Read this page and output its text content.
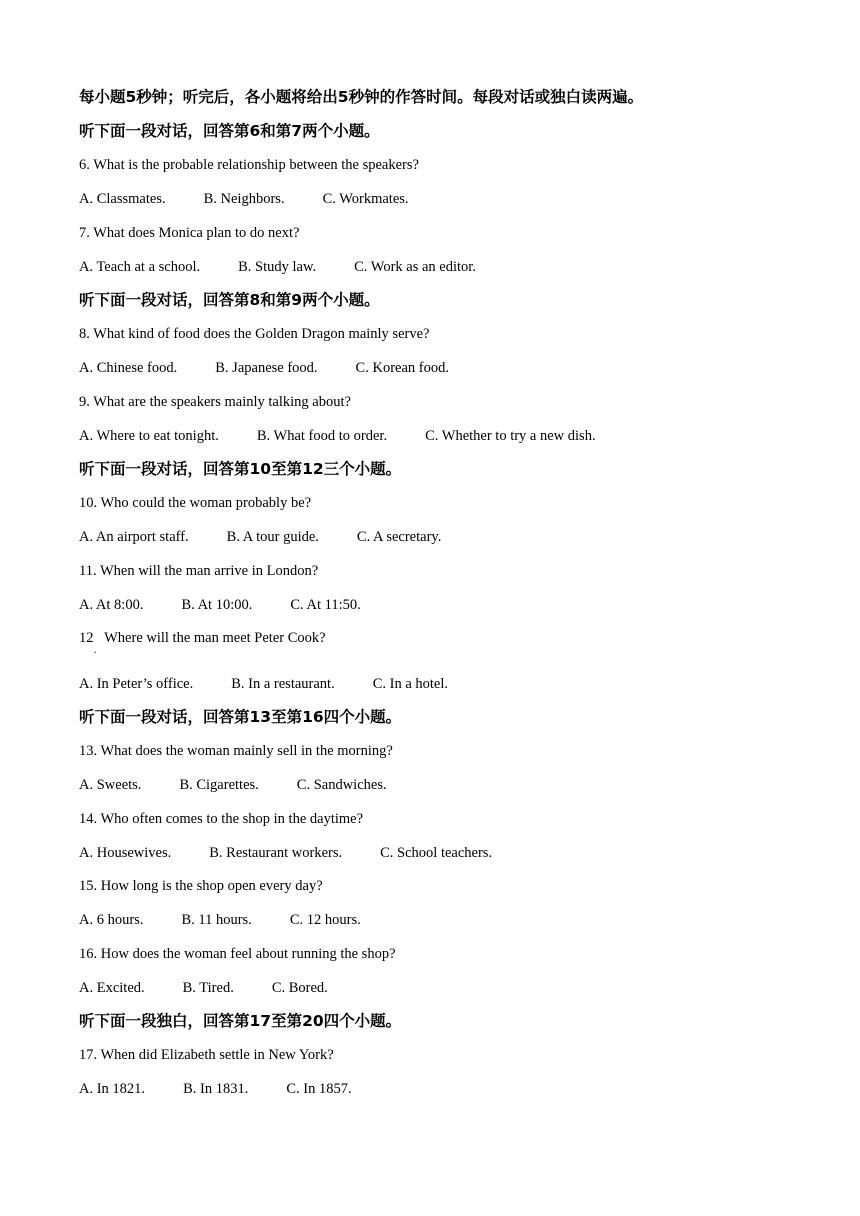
每小题5秒钟；听完后，各小题将给出5秒钟的作答时间。每段对话或独白读两遍。
听下面一段对话，回答第6和第7两个小题。
6. What is the probable relationship between the speakers?
A. Classmates.	B. Neighbors.	C. Workmates.
7. What does Monica plan to do next?
A. Teach at a school.	B. Study law.	C. Work as an editor.
听下面一段对话，回答第8和第9两个小题。
8. What kind of food does the Golden Dragon mainly serve?
A. Chinese food.	B. Japanese food.	C. Korean food.
9. What are the speakers mainly talking about?
A. Where to eat tonight.	B. What food to order.	C. Whether to try a new dish.
听下面一段对话，回答第10至第12三个小题。
10. Who could the woman probably be?
A. An airport staff.	B. A tour guide.	C. A secretary.
11. When will the man arrive in London?
A. At 8:00.	B. At 10:00.	C. At 11:50.
12   Where will the man meet Peter Cook?
.
A. In Peter’s office.	B. In a restaurant.	C. In a hotel.
听下面一段对话，回答第13至第16四个小题。
13. What does the woman mainly sell in the morning?
A. Sweets.	B. Cigarettes.	C. Sandwiches.
14. Who often comes to the shop in the daytime?
A. Housewives.	B. Restaurant workers.	C. School teachers.
15. How long is the shop open every day?
A. 6 hours.	B. 11 hours.	C. 12 hours.
16. How does the woman feel about running the shop?
A. Excited.	B. Tired.	C. Bored.
听下面一段独白，回答第17至第20四个小题。
17. When did Elizabeth settle in New York?
A. In 1821.	B. In 1831.	C. In 1857.
